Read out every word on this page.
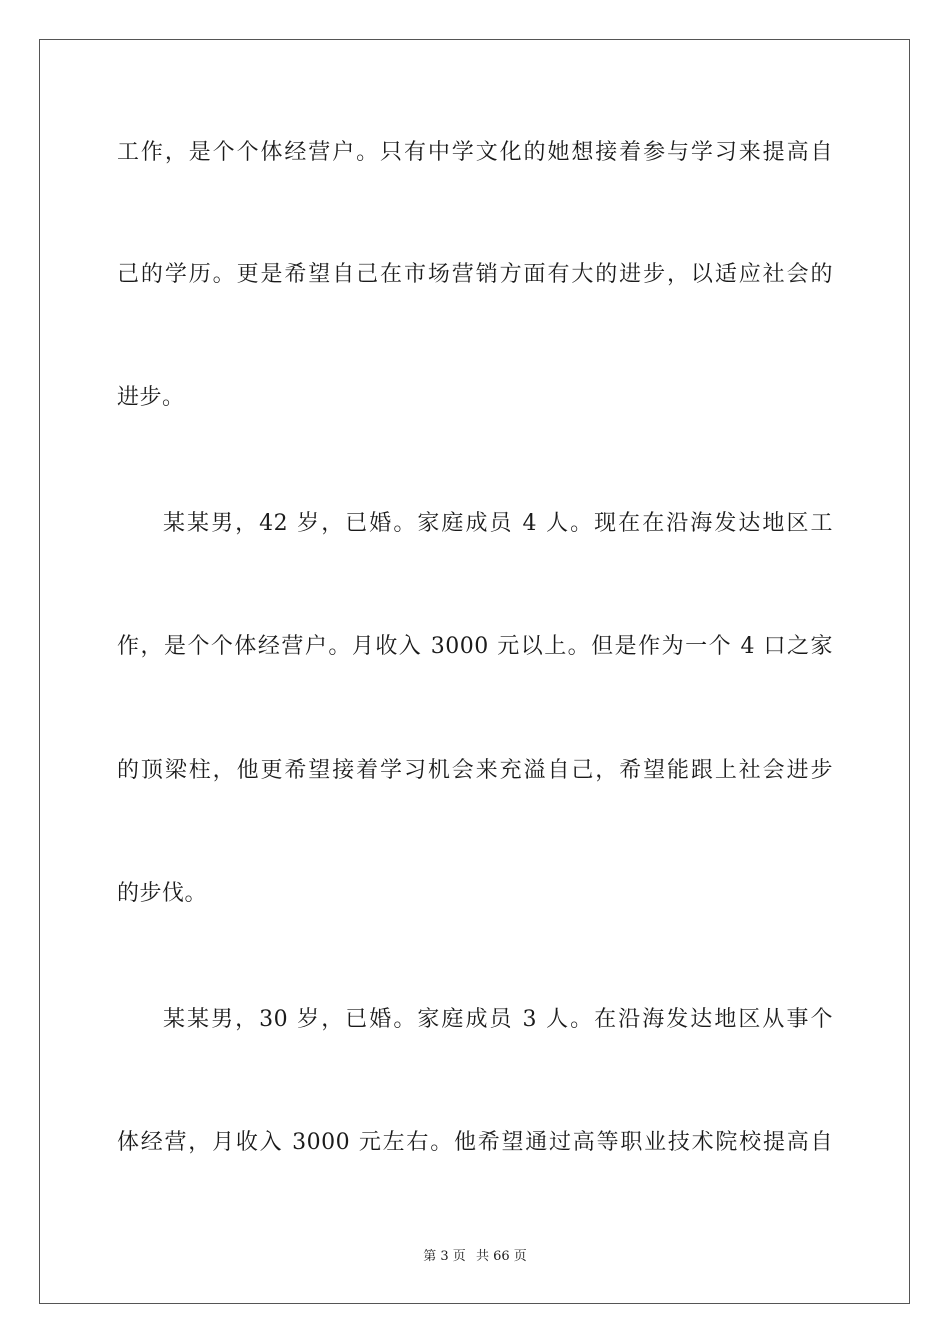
工作，是个个体经营户。只有中学文化的她想接着参与学习来提高自
己的学历。更是希望自己在市场营销方面有大的进步，以适应社会的
进步。
某某男，42 岁，已婚。家庭成员 4 人。现在在沿海发达地区工
作，是个个体经营户。月收入 3000 元以上。但是作为一个 4 口之家
的顶梁柱，他更希望接着学习机会来充溢自己，希望能跟上社会进步
的步伐。
某某男，30 岁，已婚。家庭成员 3 人。在沿海发达地区从事个
体经营，月收入 3000 元左右。他希望通过高等职业技术院校提高自
第 3 页 共 66 页
